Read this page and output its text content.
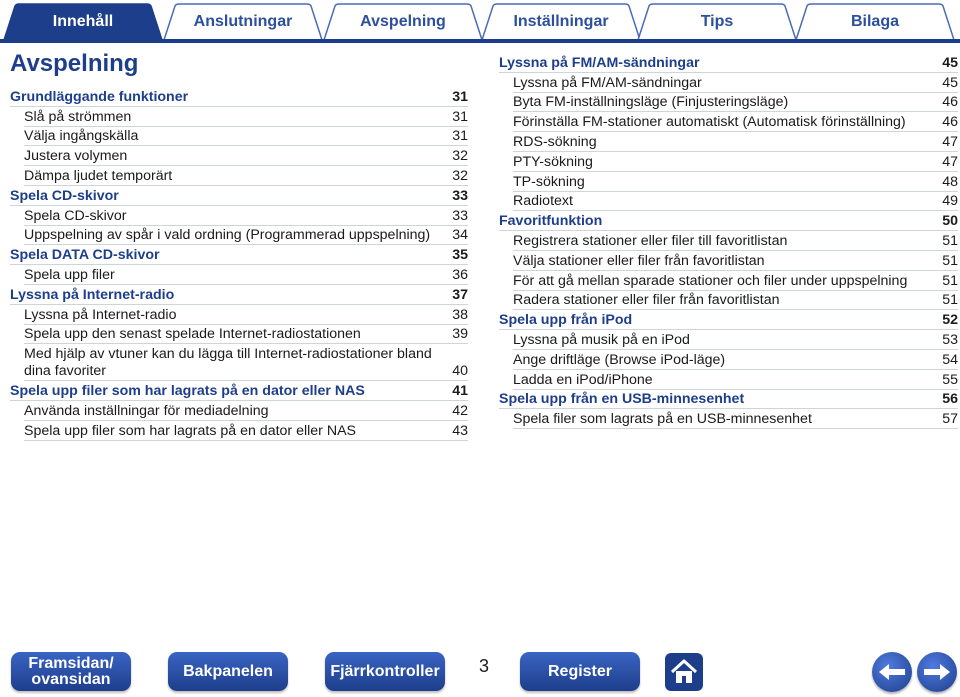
Innehåll	Anslutningar	Avspelning	Inställningar	Tips	Bilaga
Avspelning
Grundläggande funktioner	31
Slå på strömmen	31
Välja ingångskälla	31
Justera volymen	32
Dämpa ljudet temporärt	32
Spela CD-skivor	33
Spela CD-skivor	33
Uppspelning av spår i vald ordning (Programmerad uppspelning)	34
Spela DATA CD-skivor	35
Spela upp filer	36
Lyssna på Internet-radio	37
Lyssna på Internet-radio	38
Spela upp den senast spelade Internet-radiostationen	39
Med hjälp av vtuner kan du lägga till Internet-radiostationer bland dina favoriter	40
Spela upp filer som har lagrats på en dator eller NAS	41
Använda inställningar för mediadelning	42
Spela upp filer som har lagrats på en dator eller NAS	43
Lyssna på FM/AM-sändningar	45
Lyssna på FM/AM-sändningar	45
Byta FM-inställningsläge (Finjusteringsläge)	46
Förinställa FM-stationer automatiskt (Automatisk förinställning)	46
RDS-sökning	47
PTY-sökning	47
TP-sökning	48
Radiotext	49
Favoritfunktion	50
Registrera stationer eller filer till favoritlistan	51
Välja stationer eller filer från favoritlistan	51
För att gå mellan sparade stationer och filer under uppspelning	51
Radera stationer eller filer från favoritlistan	51
Spela upp från iPod	52
Lyssna på musik på en iPod	53
Ange driftläge (Browse iPod-läge)	54
Ladda en iPod/iPhone	55
Spela upp från en USB-minnesenhet	56
Spela filer som lagrats på en USB-minnesenhet	57
Framsidan/
ovansidan	Bakpanelen	Fjärrkontroller 3	Register
